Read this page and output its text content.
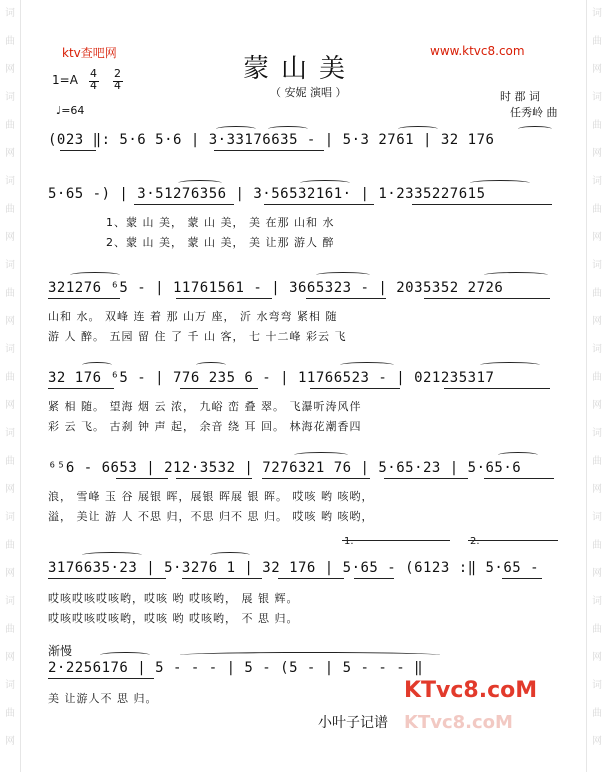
词
曲
网
词
曲
网
词
曲
网
词
曲
网
词
曲
网
词
曲
网
词
曲
网
词
曲
网
词
曲
网
词
曲
网
词
曲
网
词
曲
网
词
曲
网
词
曲
网
词
曲
网
词
曲
网
词
曲
网
词
曲
网
ktv查吧网	www.ktvc8.com
蒙山美
（ 安妮 演唱 ）
1=A 4
4
2
4
♩=64
时 郡 词
任秀岭 曲
(023 ‖: 5·6 5·6 | 3·33176635 - | 5·3 2761 | 32 176
5·65 -) | 3·51276356 | 3·56532161· | 1·2335227615
1、蒙 山 美， 蒙 山 美， 美 在那 山和 水
2、蒙 山 美， 蒙 山 美， 美 让那 游人 醉
321276 ⁶5 - | 11761561 - | 3665323 - | 2035352 2726
山和 水。 双峰 连 着 那 山万 座， 沂 水弯弯 紧相 随
游 人 醉。 五园 留 住 了 千 山 客， 七 十二峰 彩云 飞
32 176 ⁶5 - | 776 235 6 - | 11766523 - | 021235317
紧 相 随。 望海 烟 云 浓， 九峪 峦 叠 翠。 飞瀑听涛风伴
彩 云 飞。 古刹 钟 声 起， 余音 绕 耳 回。 林海花潮香四
⁶⁵6 - 6653 | 212·3532 | 7276321 76 | 5·65·23 | 5·65·6
浪， 雪峰 玉 谷 展银 晖，展银 晖展 银 晖。 哎咳 哟 咳哟，
溢， 美让 游 人 不思 归，不思 归不 思 归。 哎咳 哟 咳哟，
1.	2.
3176635·23 | 5·3276 1 | 32 176 | 5·65 - (6123 :‖ 5·65 -
哎咳哎咳哎咳哟，哎咳 哟 哎咳哟， 展 银 辉。
哎咳哎咳哎咳哟，哎咳 哟 哎咳哟， 不 思 归。
渐慢
2·2256176 | 5 - - - | 5 - (5 - | 5 - - - ‖
美 让游人不 思 归。	KTvc8.coM
KTvc8.coM
小叶子记谱
